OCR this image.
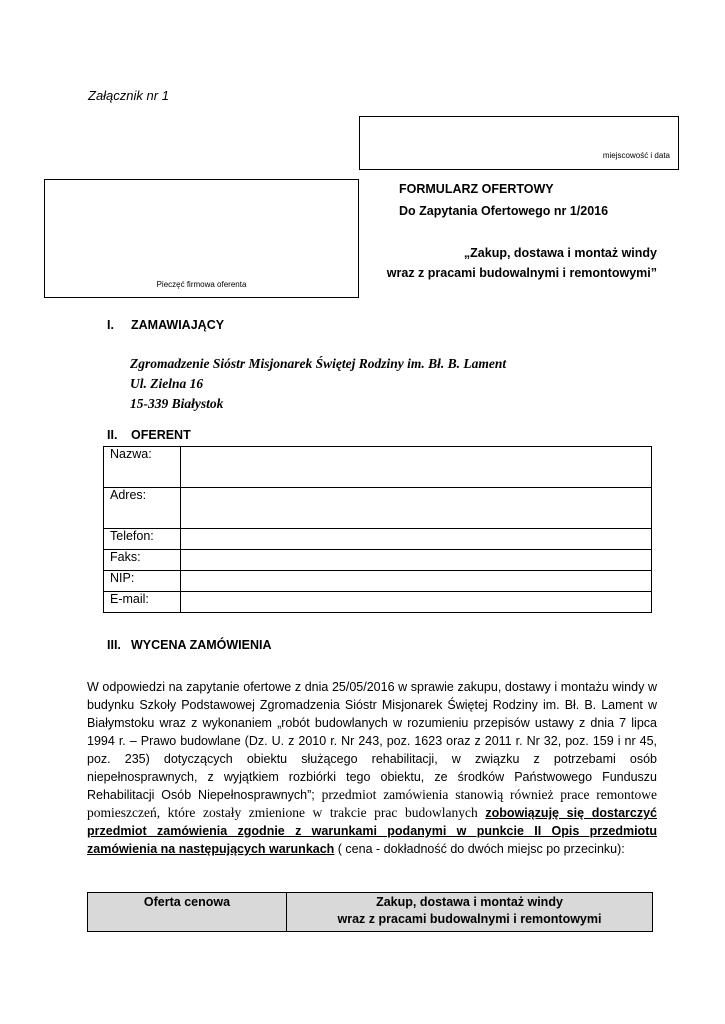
Załącznik nr 1
miejscowość i data
Pieczęć firmowa oferenta
FORMULARZ OFERTOWY
Do Zapytania Ofertowego nr 1/2016
„Zakup, dostawa i montaż windy
wraz z pracami budowalnymi i remontowymi”
I. ZAMAWIAJĄCY
Zgromadzenie Sióstr Misjonarek Świętej Rodziny im. Bł. B. Lament
Ul. Zielna 16
15-339 Białystok
II. OFERENT
Nazwa:	
Adres:	
Telefon:	
Faks:	
NIP:	
E-mail:	
III. WYCENA ZAMÓWIENIA
W odpowiedzi na zapytanie ofertowe z dnia 25/05/2016 w sprawie zakupu, dostawy i montażu windy w budynku Szkoły Podstawowej Zgromadzenia Sióstr Misjonarek Świętej Rodziny im. Bł. B. Lament w Białymstoku wraz z wykonaniem „robót budowlanych w rozumieniu przepisów ustawy z dnia 7 lipca 1994 r. – Prawo budowlane (Dz. U. z 2010 r. Nr 243, poz. 1623 oraz z 2011 r. Nr 32, poz. 159 i nr 45, poz. 235) dotyczących obiektu służącego rehabilitacji, w związku z potrzebami osób niepełnosprawnych, z wyjątkiem rozbiórki tego obiektu, ze środków Państwowego Funduszu Rehabilitacji Osób Niepełnosprawnych”; przedmiot zamówienia stanowią również prace remontowe pomieszczeń, które zostały zmienione w trakcie prac budowlanych zobowiązuję się dostarczyć przedmiot zamówienia zgodnie z warunkami podanymi w punkcie II Opis przedmiotu zamówienia na następujących warunkach ( cena - dokładność do dwóch miejsc po przecinku):
Oferta cenowa	Zakup, dostawa i montaż windy
wraz z pracami budowalnymi i remontowymi
